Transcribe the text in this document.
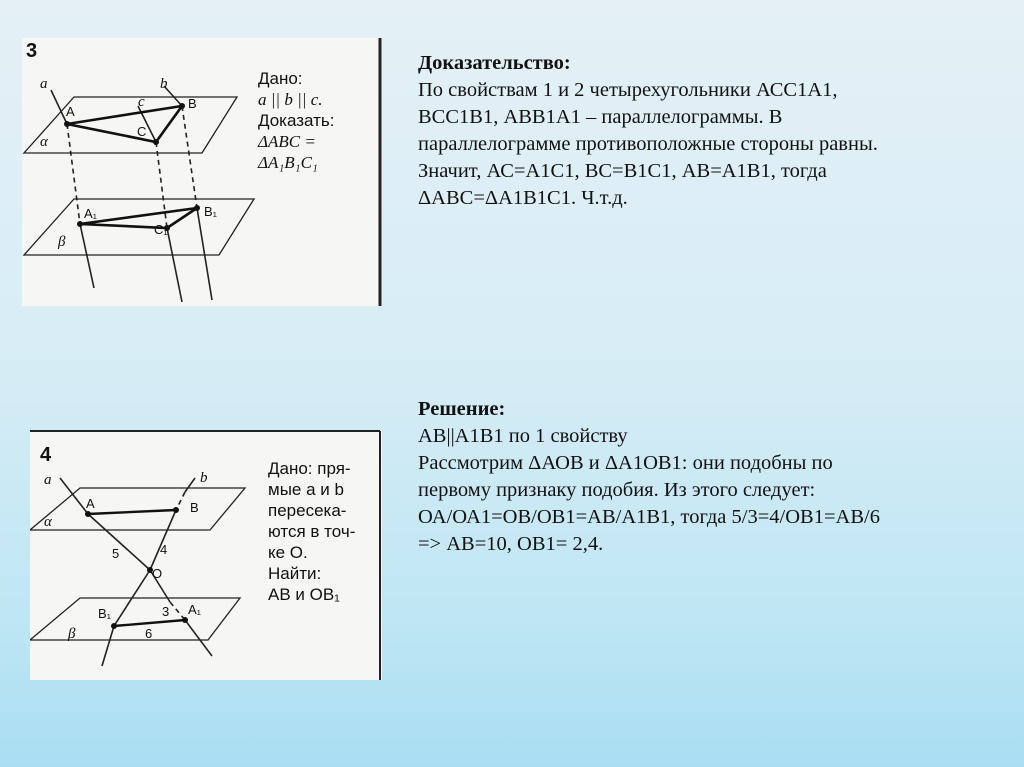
3
a	b
c
A
B
C
A₁	B₁
C₁
α
β
Дано:
a || b || c.
Доказать:
ΔABC =
ΔA₁B₁C₁
4
a	b
A	B
O
B₁	A₁
5	4
3
6
α
β
Дано: пря-
мые a и b
пересека-
ются в точ-
ке O.
Найти:
AB и OB₁
Доказательство:
По свойствам 1 и 2 четырехугольники АСС1А1,
ВСС1В1, АВВ1А1 – параллелограммы. В
параллелограмме противоположные стороны равны.
Значит, АС=А1С1, ВС=В1С1, АВ=А1В1, тогда
ΔАВС=ΔА1В1С1. Ч.т.д.
Решение:
АВ||А1В1 по 1 свойству
Рассмотрим ΔАОВ и ΔА1ОВ1: они подобны по
первому признаку подобия. Из этого следует:
ОА/ОА1=ОВ/ОВ1=АВ/А1В1, тогда 5/3=4/ОВ1=АВ/6
=> АВ=10, ОВ1= 2,4.
